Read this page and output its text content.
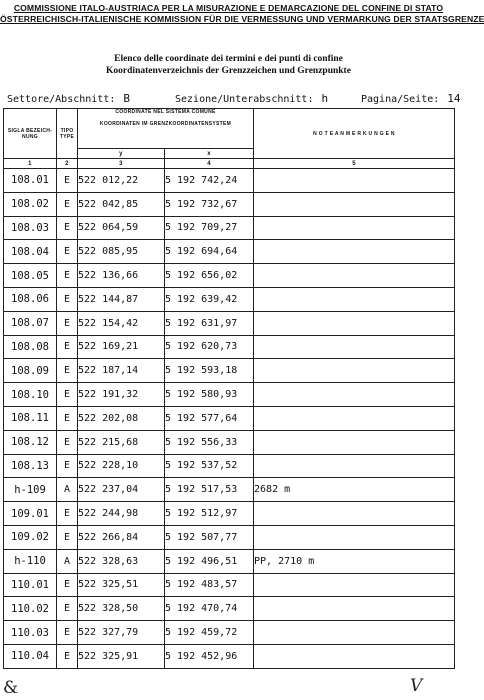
COMMISSIONE ITALO-AUSTRIACA PER LA MISURAZIONE E DEMARCAZIONE DEL CONFINE DI STATO
ÖSTERREICHISCH-ITALIENISCHE KOMMISSION FÜR DIE VERMESSUNG UND VERMARKUNG DER STAATSGRENZE
Elenco delle coordinate dei termini e dei punti di confine
Koordinatenverzeichnis der Grenzzeichen und Grenzpunkte
Settore/Abschnitt: B	Sezione/Unterabschnitt: h	Pagina/Seite: 14
SIGLA BEZEICH-NUNG	TIPO TYPE	COORDINATE NEL SISTEMA COMUNE
KOORDINATEN IM GRENZKOORDINATENSYSTEM		N O T E A N M E R K U N G E N
		y	x	
1	2	3	4	5
108.01	E	522 012,22	5 192 742,24	
108.02	E	522 042,85	5 192 732,67	
108.03	E	522 064,59	5 192 709,27	
108.04	E	522 085,95	5 192 694,64	
108.05	E	522 136,66	5 192 656,02	
108.06	E	522 144,87	5 192 639,42	
108.07	E	522 154,42	5 192 631,97	
108.08	E	522 169,21	5 192 620,73	
108.09	E	522 187,14	5 192 593,18	
108.10	E	522 191,32	5 192 580,93	
108.11	E	522 202,08	5 192 577,64	
108.12	E	522 215,68	5 192 556,33	
108.13	E	522 228,10	5 192 537,52	
h-109	A	522 237,04	5 192 517,53	2682 m
109.01	E	522 244,98	5 192 512,97	
109.02	E	522 266,84	5 192 507,77	
h-110	A	522 328,63	5 192 496,51	PP, 2710 m
110.01	E	522 325,51	5 192 483,57	
110.02	E	522 328,50	5 192 470,74	
110.03	E	522 327,79	5 192 459,72	
110.04	E	522 325,91	5 192 452,96	
&	V
